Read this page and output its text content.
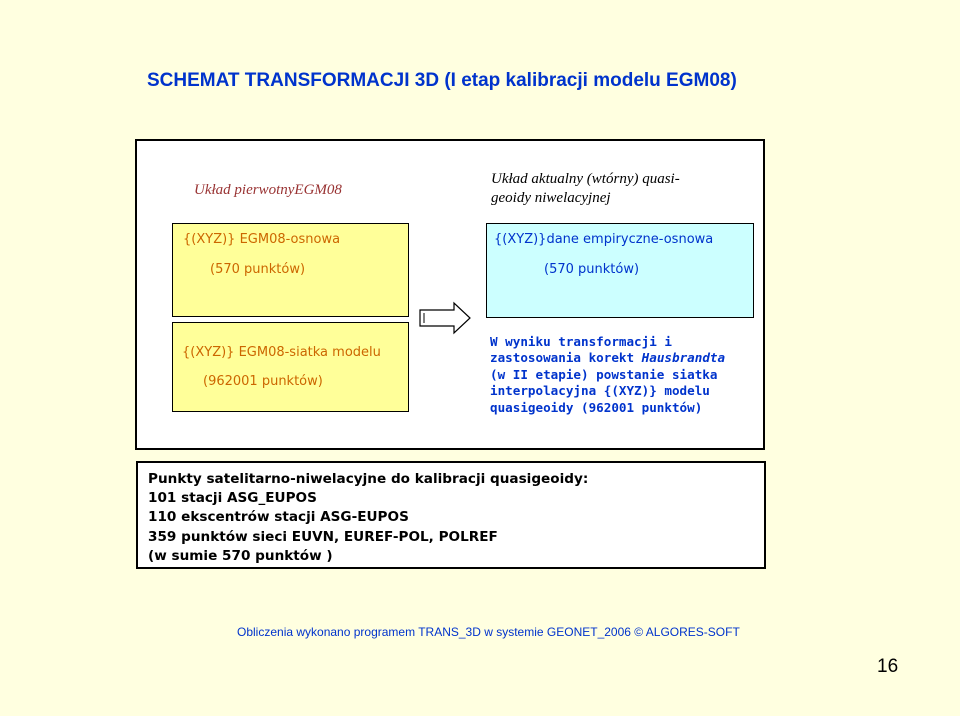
SCHEMAT TRANSFORMACJI 3D (I etap kalibracji modelu EGM08)
Układ pierwotnyEGM08
Układ aktualny (wtórny) quasi-geoidy niwelacyjnej
{(XYZ)} EGM08-osnowa
(570 punktów)
{(XYZ)}dane empiryczne-osnowa
(570 punktów)
{(XYZ)} EGM08-siatka modelu
(962001 punktów)
W wyniku transformacji i
zastosowania korekt Hausbrandta
(w II etapie) powstanie siatka
interpolacyjna {(XYZ)} modelu
quasigeoidy (962001 punktów)
Punkty satelitarno-niwelacyjne do kalibracji quasigeoidy:
101 stacji ASG_EUPOS
110 ekscentrów stacji ASG-EUPOS
359 punktów sieci EUVN, EUREF-POL, POLREF
(w sumie 570 punktów )
Obliczenia wykonano programem TRANS_3D w systemie GEONET_2006 © ALGORES-SOFT
16
